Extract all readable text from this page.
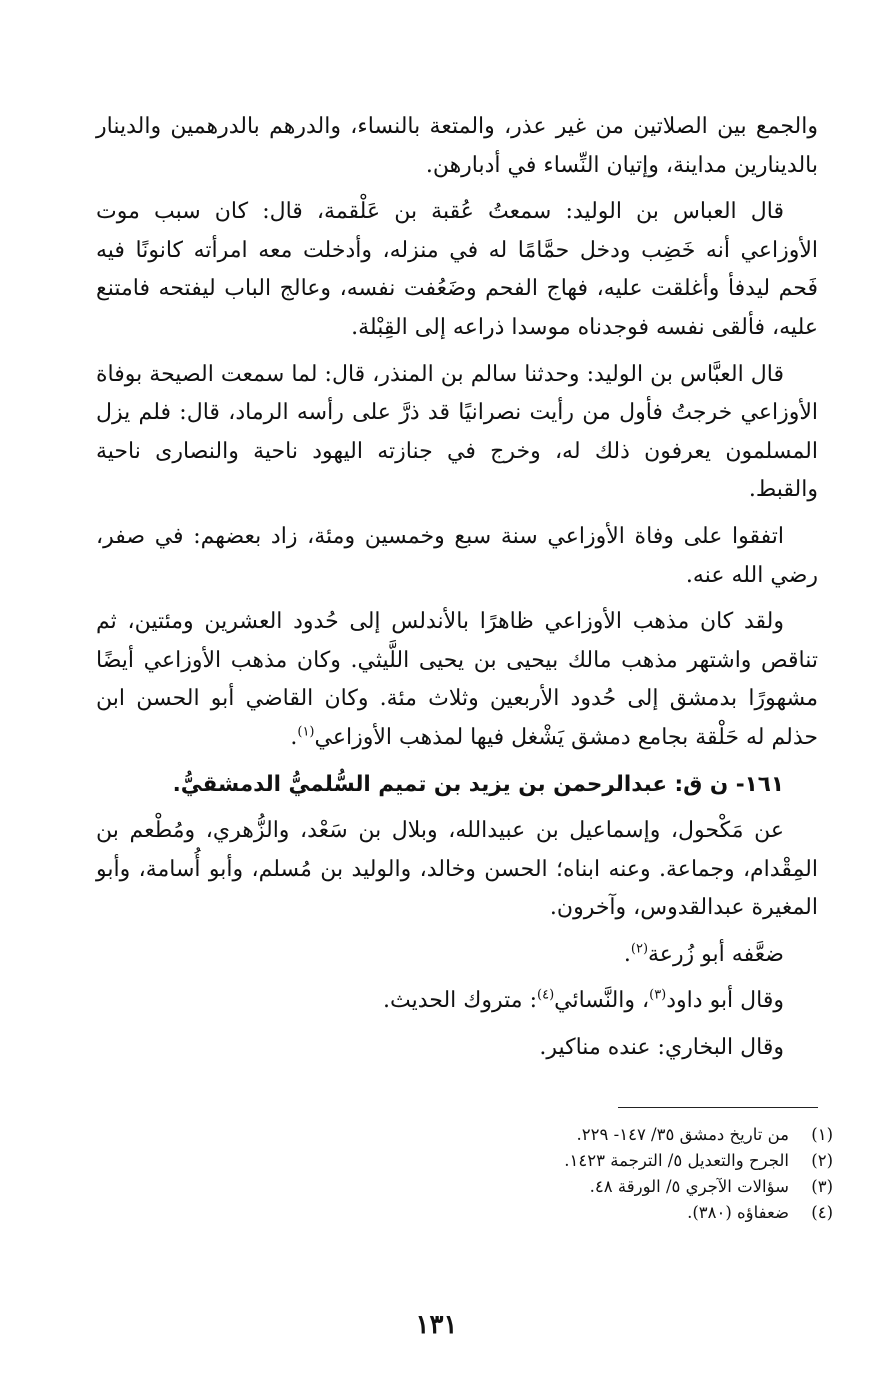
والجمع بين الصلاتين من غير عذر، والمتعة بالنساء، والدرهم بالدرهمين والدينار بالدينارين مداينة، وإتيان النِّساء في أدبارهن.

قال العباس بن الوليد: سمعتُ عُقبة بن عَلْقمة، قال: كان سبب موت الأوزاعي أنه خَضِب ودخل حمَّامًا له في منزله، وأدخلت معه امرأته كانونًا فيه فَحم ليدفأ وأغلقت عليه، فهاج الفحم وضَعُفت نفسه، وعالج الباب ليفتحه فامتنع عليه، فألقى نفسه فوجدناه موسدا ذراعه إلى القِبْلة.

قال العبَّاس بن الوليد: وحدثنا سالم بن المنذر، قال: لما سمعت الصيحة بوفاة الأوزاعي خرجتُ فأول من رأيت نصرانيًا قد ذرَّ على رأسه الرماد، قال: فلم يزل المسلمون يعرفون ذلك له، وخرج في جنازته اليهود ناحية والنصارى ناحية والقبط.

اتفقوا على وفاة الأوزاعي سنة سبع وخمسين ومئة، زاد بعضهم: في صفر، رضي الله عنه.

ولقد كان مذهب الأوزاعي ظاهرًا بالأندلس إلى حُدود العشرين ومئتين، ثم تناقص واشتهر مذهب مالك بيحيى بن يحيى اللَّيثي. وكان مذهب الأوزاعي أيضًا مشهورًا بدمشق إلى حُدود الأربعين وثلاث مئة. وكان القاضي أبو الحسن ابن حذلم له حَلْقة بجامع دمشق يَشْغل فيها لمذهب الأوزاعي$^{(١)}$.

١٦١- ن ق: عبدالرحمن بن يزيد بن تميم السُّلميُّ الدمشقيُّ.

عن مَكْحول، وإسماعيل بن عبيدالله، وبلال بن سَعْد، والزُّهري، ومُطْعم بن المِقْدام، وجماعة. وعنه ابناه؛ الحسن وخالد، والوليد بن مُسلم، وأبو أُسامة، وأبو المغيرة عبدالقدوس، وآخرون.

ضعَّفه أبو زُرعة$^{(٢)}$.

وقال أبو داود$^{(٣)}$، والنَّسائي$^{(٤)}$: متروك الحديث.

وقال البخاري: عنده مناكير.

(١)
من تاريخ دمشق ٣٥/ ١٤٧- ٢٢٩.
(٢)
الجرح والتعديل ٥/ الترجمة ١٤٢٣.
(٣)
سؤالات الآجري ٥/ الورقة ٤٨.
(٤)
ضعفاؤه (٣٨٠).
١٣١
